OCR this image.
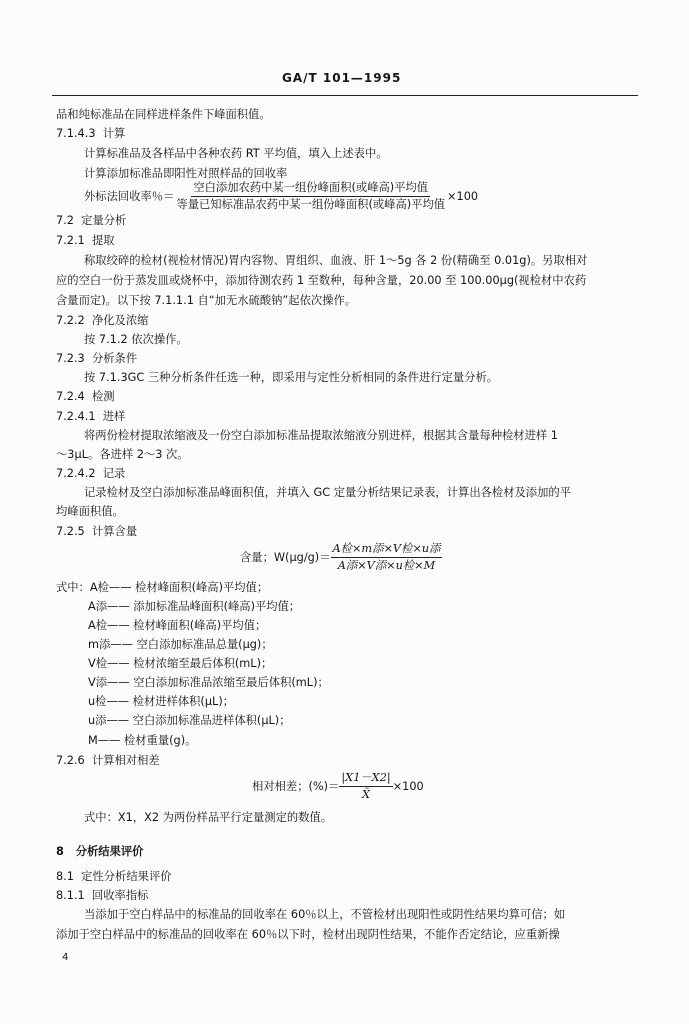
GA/T 101—1995
品和纯标准品在同样进样条件下峰面积值。
7.1.4.3 计算
计算标准品及各样品中各种农药 RT 平均值，填入上述表中。
计算添加标准品即阳性对照样品的回收率
外标法回收率％＝ $\frac{\text{空白添加农药中某一组份峰面积(或峰高)平均值}}{\text{等量已知标准品农药中某一组份峰面积(或峰高)平均值}} \times 100$
7.2 定量分析
7.2.1 提取
称取绞碎的检材(视检材情况)胃内容物、胃组织、血液、肝 1～5g 各 2 份(精确至 0.01g)。另取相对
应的空白一份于蒸发皿或烧杯中，添加待测农药 1 至数种，每种含量，20.00 至 100.00μg(视检材中农药
含量而定)。以下按 7.1.1.1 自“加无水硫酸钠”起依次操作。
7.2.2 净化及浓缩
按 7.1.2 依次操作。
7.2.3 分析条件
按 7.1.3GC 三种分析条件任选一种，即采用与定性分析相同的条件进行定量分析。
7.2.4 检测
7.2.4.1 进样
将两份检材提取浓缩液及一份空白添加标准品提取浓缩液分别进样，根据其含量每种检材进样 1
～3μL。各进样 2～3 次。
7.2.4.2 记录
记录检材及空白添加标准品峰面积值，并填入 GC 定量分析结果记录表，计算出各检材及添加的平
均峰面积值。
7.2.5 计算含量
含量；$W(\mu g/g)= \frac{\text{A检×m添×V检×u添}}{\text{A添×V添×u检×M}}$
式中：A检—— 检材峰面积(峰高)平均值；
A添—— 添加标准品峰面积(峰高)平均值；
A检—— 检材峰面积(峰高)平均值；
m添—— 空白添加标准品总量(μg)；
V检—— 检材浓缩至最后体积(mL)；
V添—— 空白添加标准品浓缩至最后体积(mL)；
u检—— 检材进样体积(μL)；
u添—— 空白添加标准品进样体积(μL)；
M—— 检材重量(g)。
7.2.6 计算相对相差
相对相差；(%)＝ $\frac{|X1-X2|}{X̄} \times 100$
式中：X1，X2 为两份样品平行定量测定的数值。
8 分析结果评价
8.1 定性分析结果评价
8.1.1 回收率指标
当添加于空白样品中的标准品的回收率在 60％以上，不管检材出现阳性或阴性结果均算可信；如
添加于空白样品中的标准品的回收率在 60％以下时，检材出现阴性结果，不能作否定结论，应重新操
4
